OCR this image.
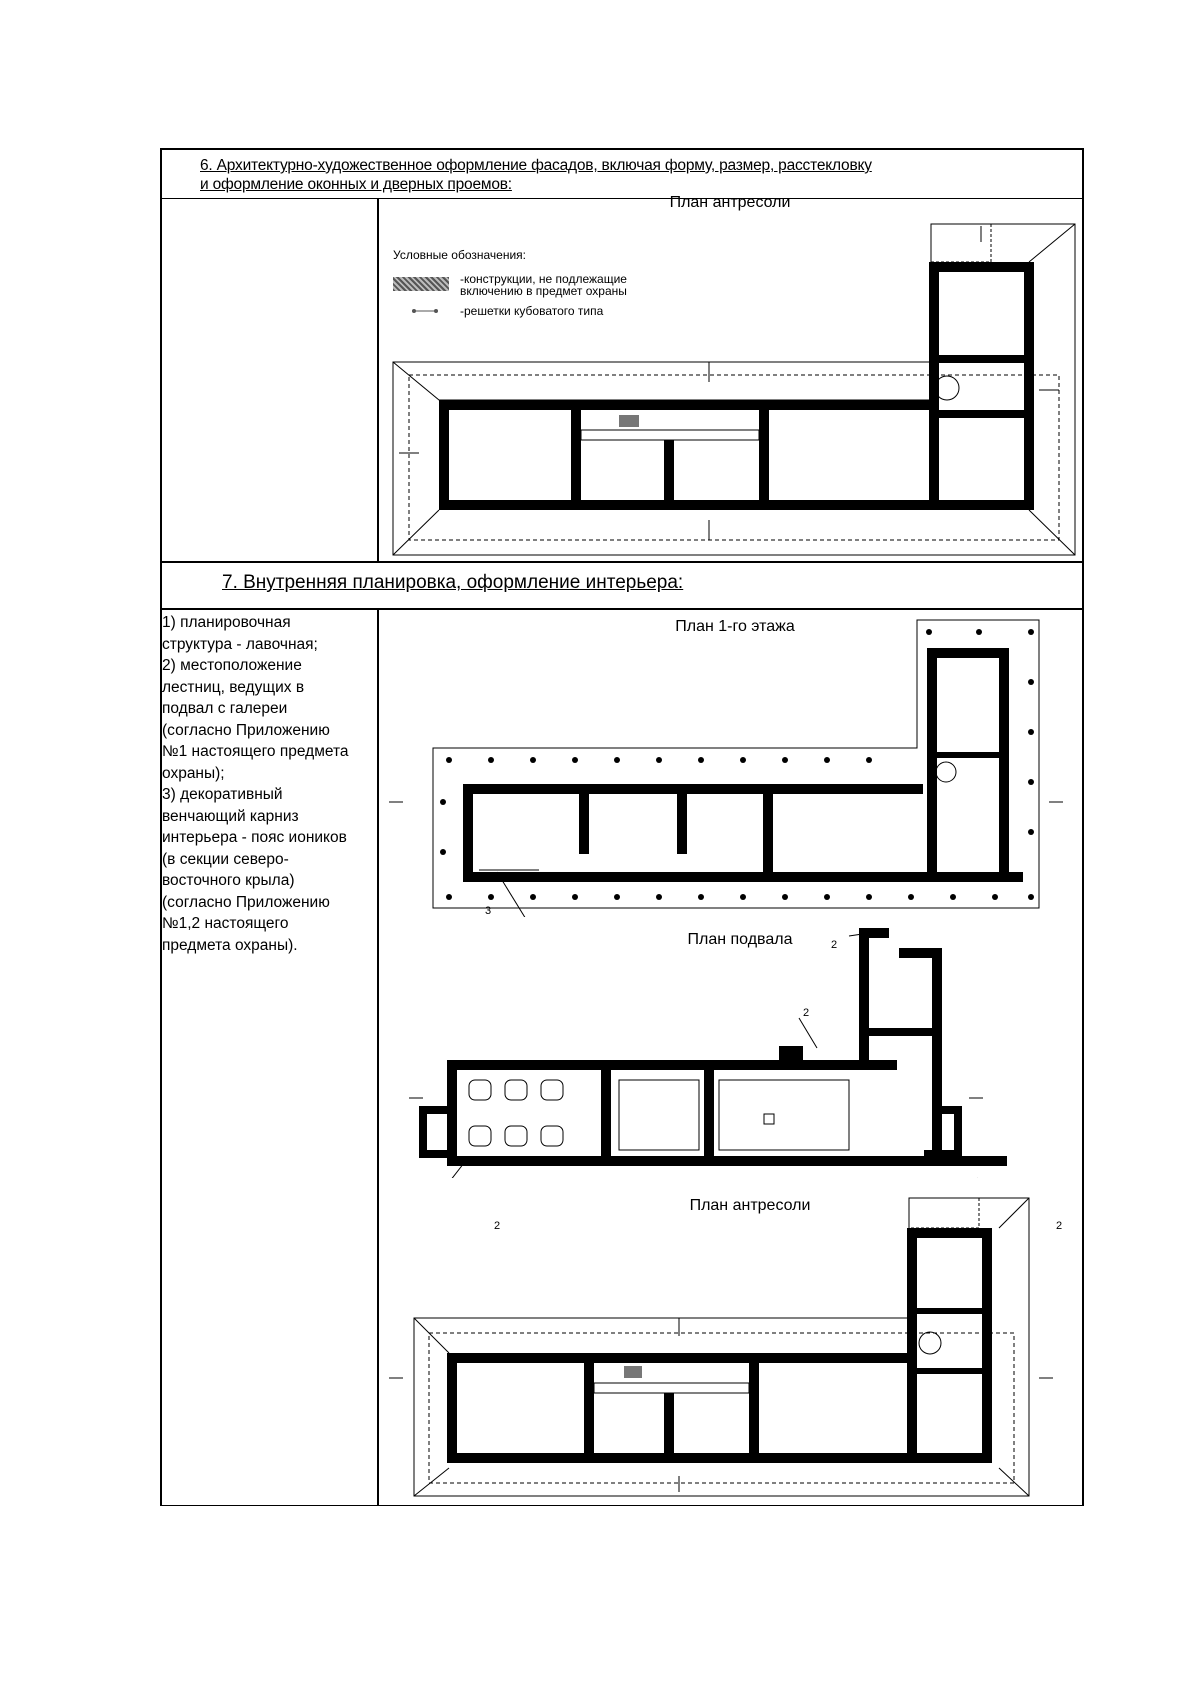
6. Архитектурно-художественное оформление фасадов, включая форму, размер, расстекловку
и оформление оконных и дверных проемов:
План антресоли
Условные обозначения:
-конструкции, не подлежащие
включению в предмет охраны
-решетки кубоватого типа
7. Внутренняя планировка, оформление интерьера:
1) планировочная
структура - лавочная;
2) местоположение
лестниц, ведущих в
подвал с галереи
(согласно Приложению
№1 настоящего предмета
охраны);
3) декоративный
венчающий карниз
интерьера - пояс иоников
(в секции северо-
восточного крыла)
(согласно Приложению
№1,2 настоящего
предмета охраны).
План 1-го этажа
План подвала
План антресоли
3
2
2
2	2
